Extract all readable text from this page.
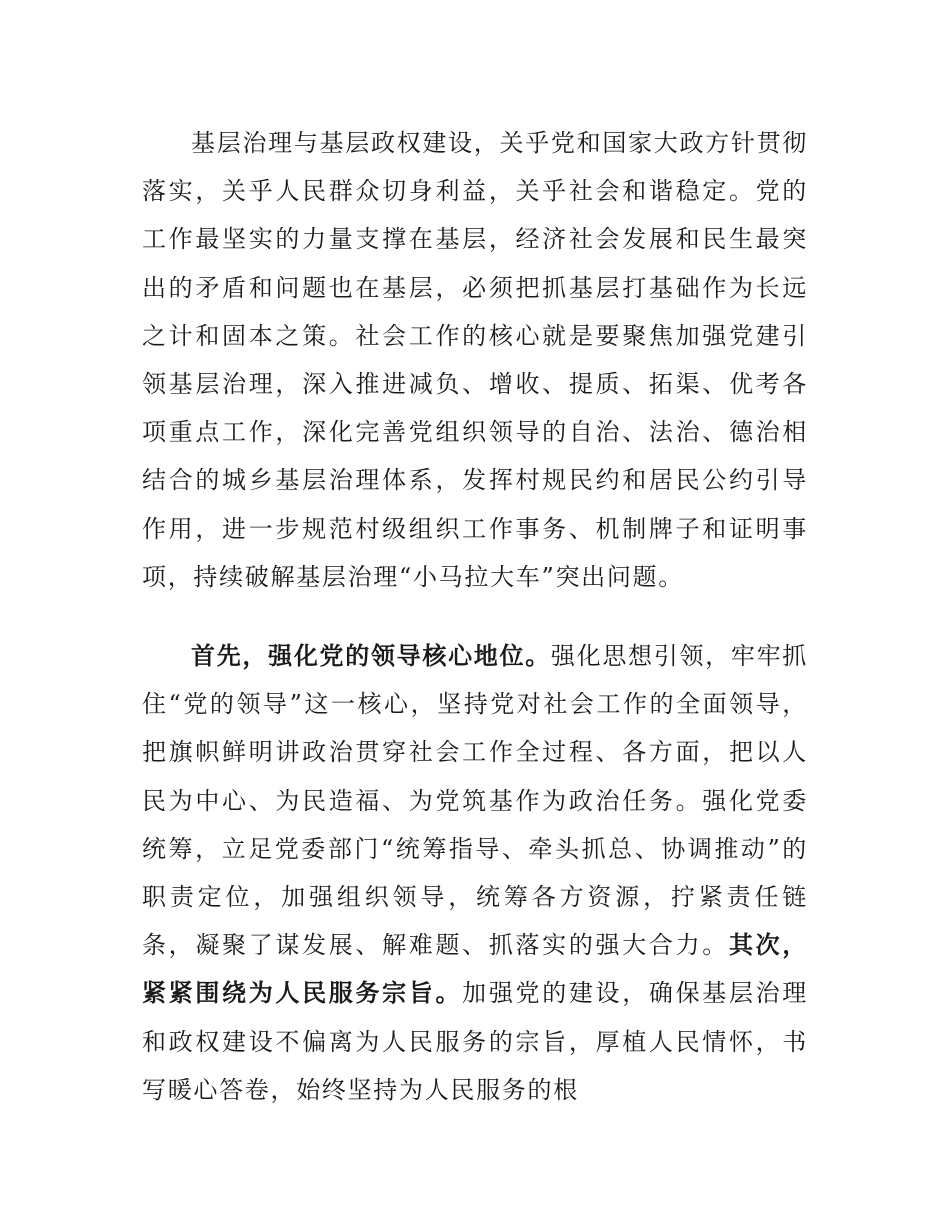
基层治理与基层政权建设，关乎党和国家大政方针贯彻落实，关乎人民群众切身利益，关乎社会和谐稳定。党的工作最坚实的力量支撑在基层，经济社会发展和民生最突出的矛盾和问题也在基层，必须把抓基层打基础作为长远之计和固本之策。社会工作的核心就是要聚焦加强党建引领基层治理，深入推进减负、增收、提质、拓渠、优考各项重点工作，深化完善党组织领导的自治、法治、德治相结合的城乡基层治理体系，发挥村规民约和居民公约引导作用，进一步规范村级组织工作事务、机制牌子和证明事项，持续破解基层治理“小马拉大车”突出问题。

首先，强化党的领导核心地位。强化思想引领，牢牢抓住“党的领导”这一核心，坚持党对社会工作的全面领导，把旗帜鲜明讲政治贯穿社会工作全过程、各方面，把以人民为中心、为民造福、为党筑基作为政治任务。强化党委统筹，立足党委部门“统筹指导、牵头抓总、协调推动”的职责定位，加强组织领导，统筹各方资源，拧紧责任链条，凝聚了谋发展、解难题、抓落实的强大合力。其次，紧紧围绕为人民服务宗旨。加强党的建设，确保基层治理和政权建设不偏离为人民服务的宗旨，厚植人民情怀，书写暖心答卷，始终坚持为人民服务的根
